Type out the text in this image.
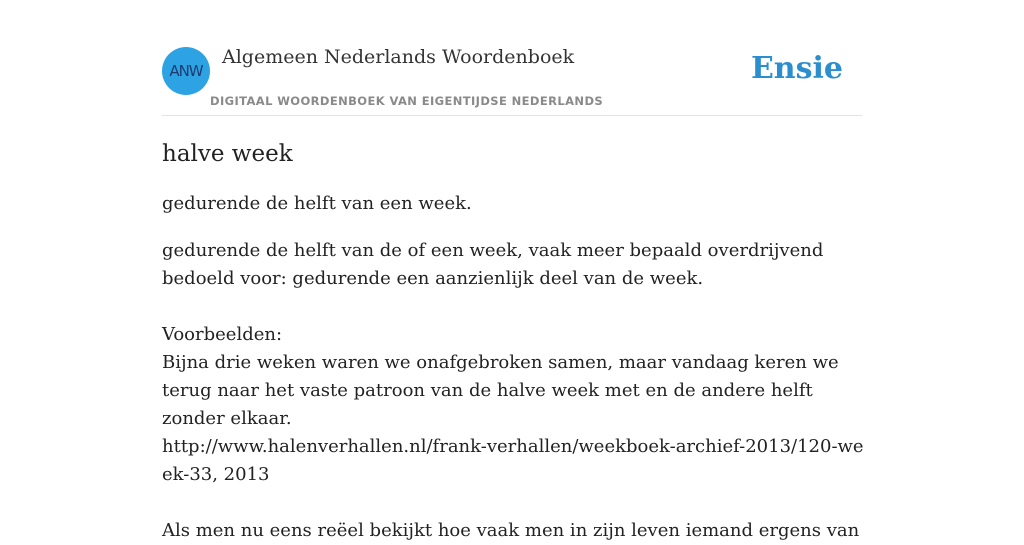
ANW
Algemeen Nederlands Woordenboek
DIGITAAL WOORDENBOEK VAN EIGENTIJDSE NEDERLANDS
Ensie
halve week

gedurende de helft van een week.

gedurende de helft van de of een week, vaak meer bepaald overdrijvend bedoeld voor: gedurende een aanzienlijk deel van de week.

Voorbeelden:

Bijna drie weken waren we onafgebroken samen, maar vandaag keren we terug naar het vaste patroon van de halve week met en de andere helft zonder elkaar.

http://www.halenverhallen.nl/frank-verhallen/weekboek-archief-2013/120-week-33, 2013

Als men nu eens reëel bekijkt hoe vaak men in zijn leven iemand ergens van
